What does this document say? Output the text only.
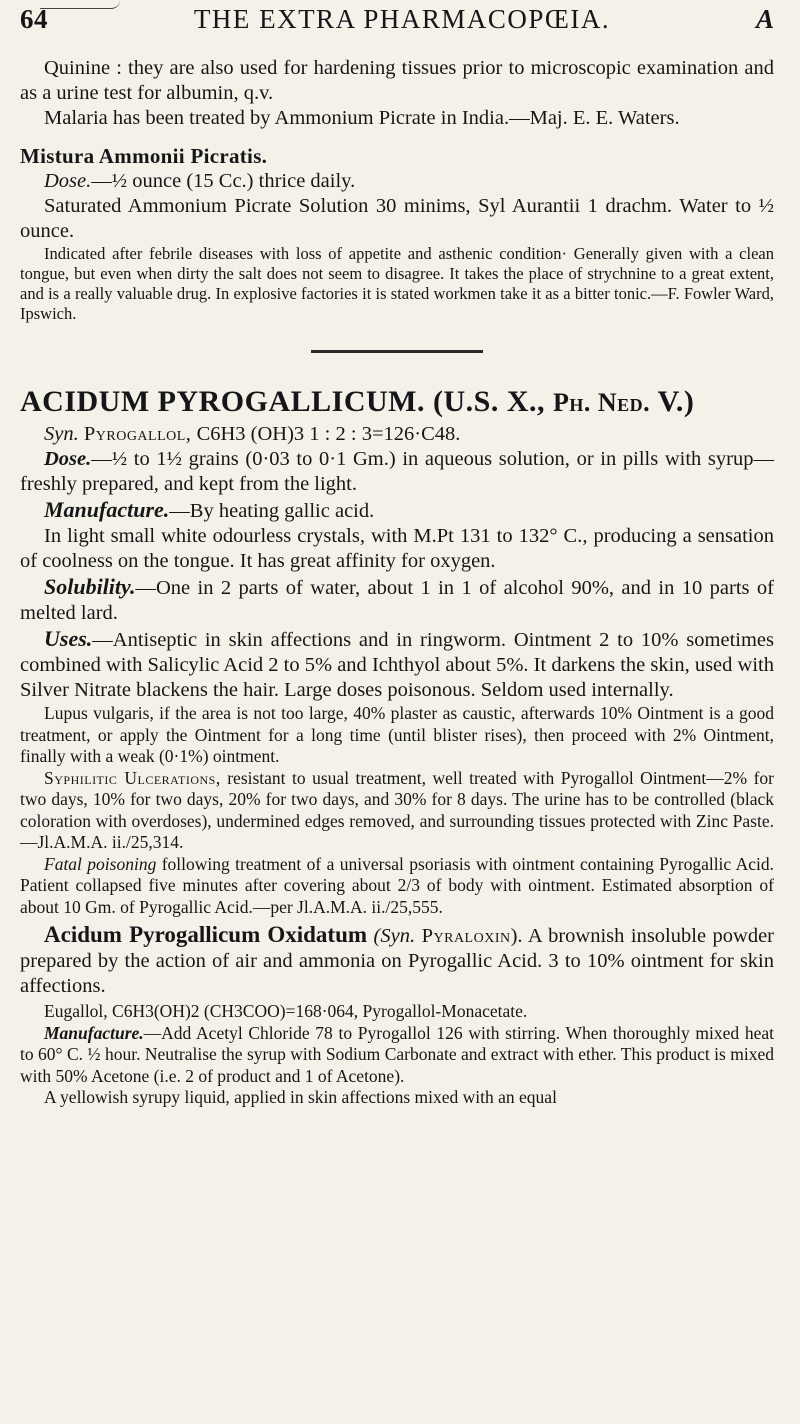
64	THE EXTRA PHARMACOPŒIA.	A

Quinine : they are also used for hardening tissues prior to microscopic examination and as a urine test for albumin, q.v.

Malaria has been treated by Ammonium Picrate in India.—Maj. E. E. Waters.

Mistura Ammonii Picratis.

Dose.—½ ounce (15 Cc.) thrice daily.

Saturated Ammonium Picrate Solution 30 minims, Syl Aurantii 1 drachm. Water to ½ ounce.

Indicated after febrile diseases with loss of appetite and asthenic condition· Generally given with a clean tongue, but even when dirty the salt does not seem to disagree. It takes the place of strychnine to a great extent, and is a really valuable drug. In explosive factories it is stated workmen take it as a bitter tonic.—F. Fowler Ward, Ipswich.

ACIDUM PYROGALLICUM. (U.S. X., Ph. Ned. V.)

Syn. Pyrogallol, C6H3 (OH)3 1 : 2 : 3=126·C48.

Dose.—½ to 1½ grains (0·03 to 0·1 Gm.) in aqueous solution, or in pills with syrup—freshly prepared, and kept from the light.

Manufacture.—By heating gallic acid.

In light small white odourless crystals, with M.Pt 131 to 132° C., producing a sensation of coolness on the tongue. It has great affinity for oxygen.

Solubility.—One in 2 parts of water, about 1 in 1 of alcohol 90%, and in 10 parts of melted lard.

Uses.—Antiseptic in skin affections and in ringworm. Ointment 2 to 10% sometimes combined with Salicylic Acid 2 to 5% and Ichthyol about 5%. It darkens the skin, used with Silver Nitrate blackens the hair. Large doses poisonous. Seldom used internally.

Lupus vulgaris, if the area is not too large, 40% plaster as caustic, afterwards 10% Ointment is a good treatment, or apply the Ointment for a long time (until blister rises), then proceed with 2% Ointment, finally with a weak (0·1%) ointment.

Syphilitic Ulcerations, resistant to usual treatment, well treated with Pyrogallol Ointment—2% for two days, 10% for two days, 20% for two days, and 30% for 8 days. The urine has to be controlled (black coloration with overdoses), undermined edges removed, and surrounding tissues protected with Zinc Paste.—Jl.A.M.A. ii./25,314.

Fatal poisoning following treatment of a universal psoriasis with ointment containing Pyrogallic Acid. Patient collapsed five minutes after covering about 2/3 of body with ointment. Estimated absorption of about 10 Gm. of Pyrogallic Acid.—per Jl.A.M.A. ii./25,555.

Acidum Pyrogallicum Oxidatum (Syn. Pyraloxin). A brownish insoluble powder prepared by the action of air and ammonia on Pyrogallic Acid. 3 to 10% ointment for skin affections.

Eugallol, C6H3(OH)2 (CH3COO)=168·064, Pyrogallol-Monacetate.

Manufacture.—Add Acetyl Chloride 78 to Pyrogallol 126 with stirring. When thoroughly mixed heat to 60° C. ½ hour. Neutralise the syrup with Sodium Carbonate and extract with ether. This product is mixed with 50% Acetone (i.e. 2 of product and 1 of Acetone).

A yellowish syrupy liquid, applied in skin affections mixed with an equal
